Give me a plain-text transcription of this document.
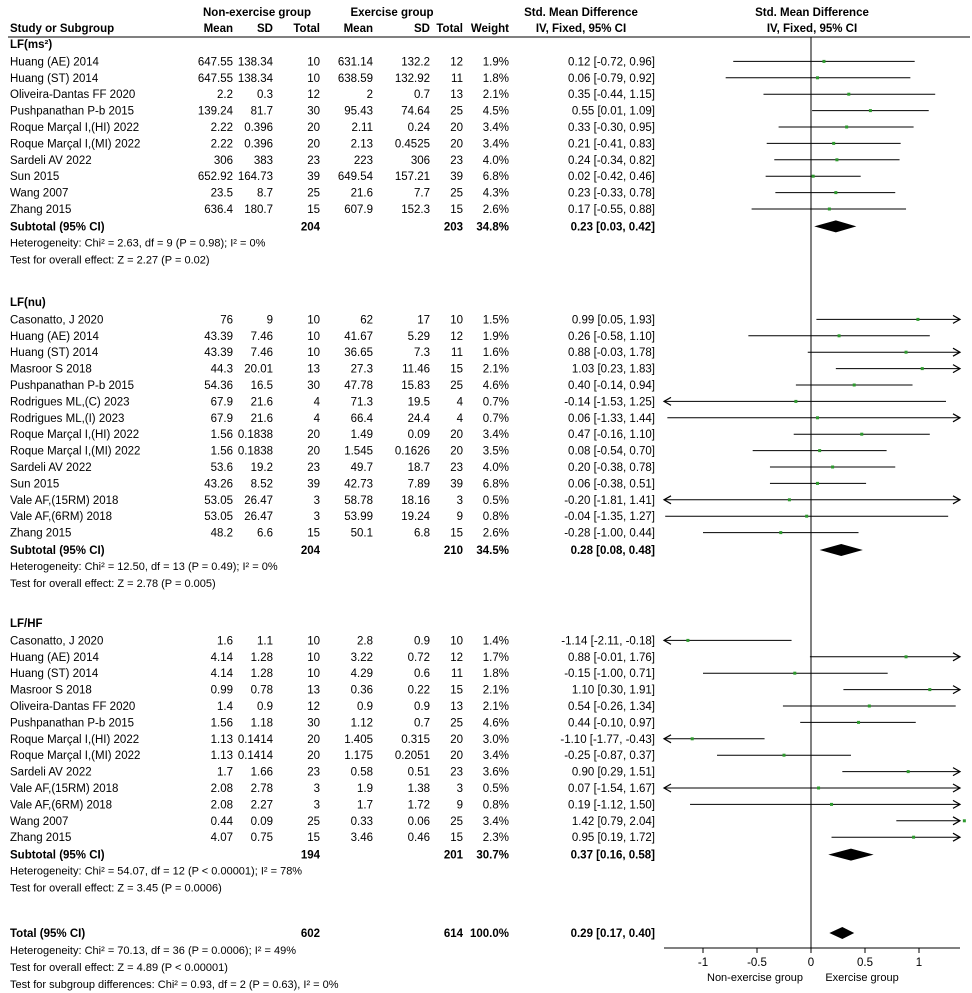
Non-exercise group	Exercise group	Std. Mean Difference
IV, Fixed, 95% CI
Std. Mean Difference
IV, Fixed, 95% CI
Study or Subgroup	Mean SD Total Mean	SD Total Weight
LF(ms²)
Huang (AE) 2014	647.55 138.34	10 631.14 132.2 12 1.9%	0.12 [-0.72, 0.96]
Huang (ST) 2014	647.55 138.34	10 638.59 132.92 11 1.8%	0.06 [-0.79, 0.92]
Oliveira-Dantas FF 2020	2.2 0.3	12	2	0.7 13 2.1%	0.35 [-0.44, 1.15]
Pushpanathan P-b 2015	139.24 81.7	30 95.43 74.64 25 4.5%	0.55 [0.01, 1.09]
Roque Marçal I,(HI) 2022	2.22 0.396	20	2.11	0.24 20 3.4%	0.33 [-0.30, 0.95]
Roque Marçal I,(MI) 2022	2.22 0.396	20	2.13 0.4525 20 3.4%	0.21 [-0.41, 0.83]
Sardeli AV 2022	306 383	23	223	306 23 4.0%	0.24 [-0.34, 0.82]
Sun 2015	652.92 164.73	39 649.54 157.21 39 6.8%	0.02 [-0.42, 0.46]
Wang 2007	23.5 8.7	25	21.6	7.7 25 4.3%	0.23 [-0.33, 0.78]
Zhang 2015	636.4 180.7	15 607.9 152.3 15 2.6%	0.17 [-0.55, 0.88]
Subtotal (95% CI)	204	203 34.8%	0.23 [0.03, 0.42]
Heterogeneity: Chi² = 2.63, df = 9 (P = 0.98); I² = 0%
Test for overall effect: Z = 2.27 (P = 0.02)
LF(nu)
Casonatto, J 2020	76	9	10	62	17 10 1.5%	0.99 [0.05, 1.93]
Huang (AE) 2014	43.39 7.46	10 41.67	5.29 12 1.9%	0.26 [-0.58, 1.10]
Huang (ST) 2014	43.39 7.46	10 36.65	7.3 11 1.6%	0.88 [-0.03, 1.78]
Masroor S 2018	44.3 20.01	13	27.3	11.46 15 2.1%	1.03 [0.23, 1.83]
Pushpanathan P-b 2015	54.36 16.5	30 47.78 15.83 25 4.6%	0.40 [-0.14, 0.94]
Rodrigues ML,(C) 2023	67.9 21.6	4	71.3	19.5 4 0.7%	-0.14 [-1.53, 1.25]
Rodrigues ML,(I) 2023	67.9 21.6	4	66.4	24.4 4 0.7%	0.06 [-1.33, 1.44]
Roque Marçal I,(HI) 2022	1.56 0.1838	20	1.49	0.09 20 3.4%	0.47 [-0.16, 1.10]
Roque Marçal I,(MI) 2022	1.56 0.1838	20 1.545 0.1626 20 3.5%	0.08 [-0.54, 0.70]
Sardeli AV 2022	53.6 19.2	23	49.7	18.7 23 4.0%	0.20 [-0.38, 0.78]
Sun 2015	43.26 8.52	39 42.73	7.89 39 6.8%	0.06 [-0.38, 0.51]
Vale AF,(15RM) 2018	53.05 26.47	3 58.78 18.16 3 0.5%	-0.20 [-1.81, 1.41]
Vale AF,(6RM) 2018	53.05 26.47	3 53.99 19.24 9 0.8%	-0.04 [-1.35, 1.27]
Zhang 2015	48.2 6.6	15	50.1	6.8 15 2.6%	-0.28 [-1.00, 0.44]
Subtotal (95% CI)	204	210 34.5%	0.28 [0.08, 0.48]
Heterogeneity: Chi² = 12.50, df = 13 (P = 0.49); I² = 0%
Test for overall effect: Z = 2.78 (P = 0.005)
LF/HF
Casonatto, J 2020	1.6 1.1	10	2.8	0.9 10 1.4%	-1.14 [-2.11, -0.18]
Huang (AE) 2014	4.14 1.28	10	3.22	0.72 12 1.7%	0.88 [-0.01, 1.76]
Huang (ST) 2014	4.14 1.28	10	4.29	0.6 11 1.8%	-0.15 [-1.00, 0.71]
Masroor S 2018	0.99 0.78	13	0.36	0.22 15 2.1%	1.10 [0.30, 1.91]
Oliveira-Dantas FF 2020	1.4 0.9	12	0.9	0.9 13 2.1%	0.54 [-0.26, 1.34]
Pushpanathan P-b 2015	1.56 1.18	30	1.12	0.7 25 4.6%	0.44 [-0.10, 0.97]
Roque Marçal I,(HI) 2022	1.13 0.1414	20 1.405 0.315 20 3.0%	-1.10 [-1.77, -0.43]
Roque Marçal I,(MI) 2022	1.13 0.1414	20 1.175 0.2051 20 3.4%	-0.25 [-0.87, 0.37]
Sardeli AV 2022	1.7 1.66	23	0.58	0.51 23 3.6%	0.90 [0.29, 1.51]
Vale AF,(15RM) 2018	2.08 2.78	3	1.9	1.38 3 0.5%	0.07 [-1.54, 1.67]
Vale AF,(6RM) 2018	2.08 2.27	3	1.7	1.72 9 0.8%	0.19 [-1.12, 1.50]
Wang 2007	0.44 0.09	25	0.33	0.06 25 3.4%	1.42 [0.79, 2.04]
Zhang 2015	4.07 0.75	15	3.46	0.46 15 2.3%	0.95 [0.19, 1.72]
Subtotal (95% CI)	194	201 30.7%	0.37 [0.16, 0.58]
Heterogeneity: Chi² = 54.07, df = 12 (P < 0.00001); I² = 78%
Test for overall effect: Z = 3.45 (P = 0.0006)
Total (95% CI)	602	614 100.0%	0.29 [0.17, 0.40]
Heterogeneity: Chi² = 70.13, df = 36 (P = 0.0006); I² = 49%
Test for overall effect: Z = 4.89 (P < 0.00001)
Test for subgroup differences: Chi² = 0.93, df = 2 (P = 0.63), I² = 0%
-1	-0.5	0	0.5	1
Non-exercise group Exercise group
